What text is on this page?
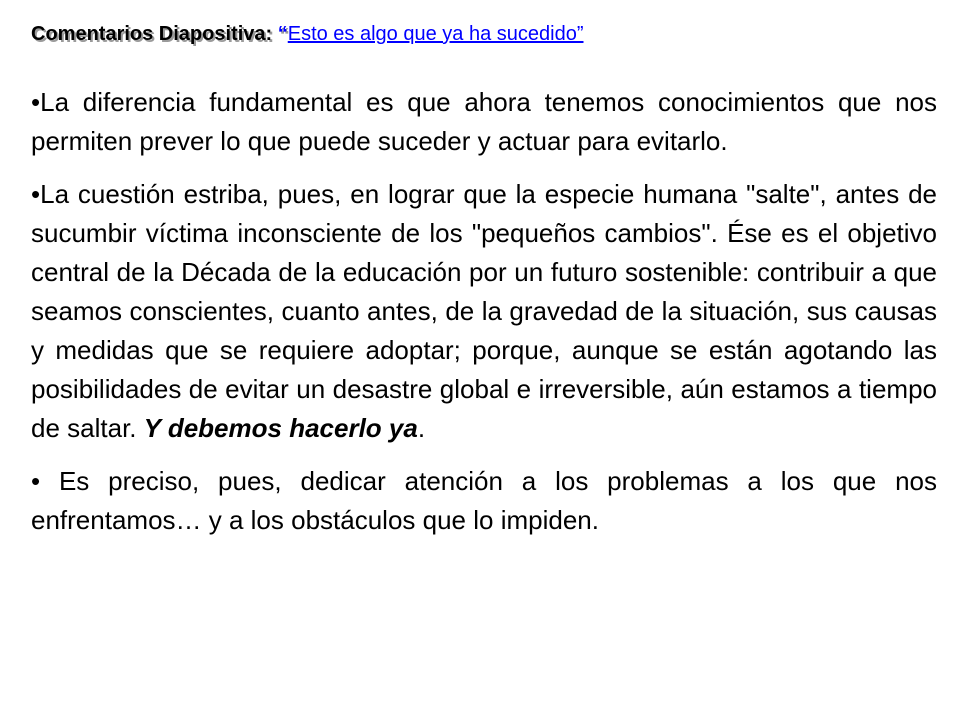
Comentarios Diapositiva: “Esto es algo que ya ha sucedido”

•La diferencia fundamental es que ahora tenemos conocimientos que nos permiten prever lo que puede suceder y actuar para evitarlo.

•La cuestión estriba, pues, en lograr que la especie humana "salte", antes de sucumbir víctima inconsciente de los "pequeños cambios". Ése es el objetivo central de la Década de la educación por un futuro sostenible: contribuir a que seamos conscientes, cuanto antes, de la gravedad de la situación, sus causas y medidas que se requiere adoptar; porque, aunque se están agotando las posibilidades de evitar un desastre global e irreversible, aún estamos a tiempo de saltar. Y debemos hacerlo ya.

• Es preciso, pues, dedicar atención a los problemas a los que nos enfrentamos… y a los obstáculos que lo impiden.
